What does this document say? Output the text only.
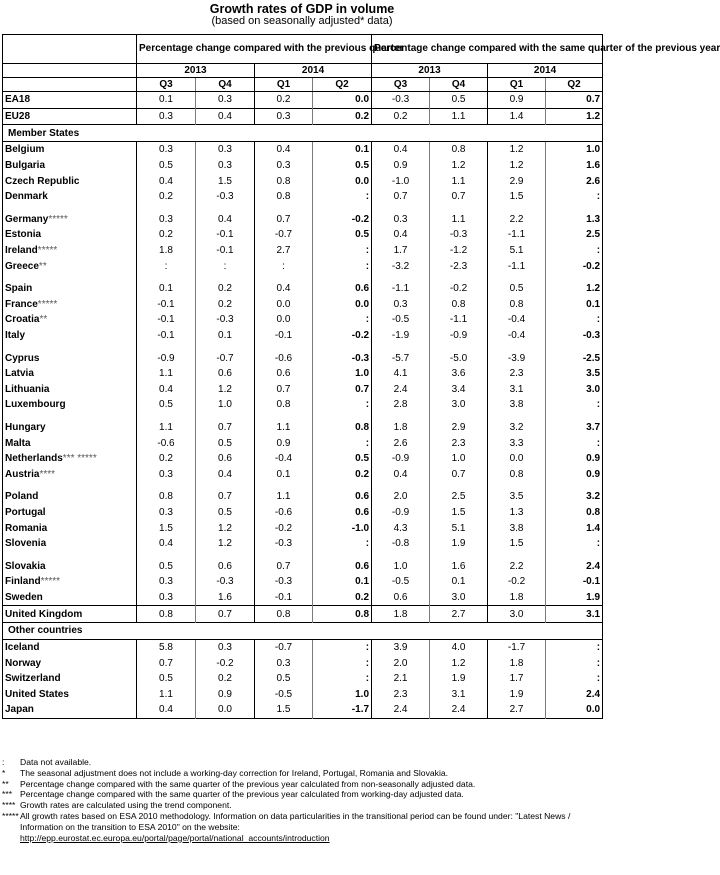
Growth rates of GDP in volume
(based on seasonally adjusted* data)
	Percentage change compared with the previous quarter				Percentage change compared with the same quarter of the previous year			
	2013		2014		2013		2014	
	Q3	Q4	Q1	Q2	Q3	Q4	Q1	Q2
EA18	0.1	0.3	0.2	0.0	-0.3	0.5	0.9	0.7
EU28	0.3	0.4	0.3	0.2	0.2	1.1	1.4	1.2
Member States								
Belgium	0.3	0.3	0.4	0.1	0.4	0.8	1.2	1.0
Bulgaria	0.5	0.3	0.3	0.5	0.9	1.2	1.2	1.6
Czech Republic	0.4	1.5	0.8	0.0	-1.0	1.1	2.9	2.6
Denmark	0.2	-0.3	0.8	:	0.7	0.7	1.5	:

Germany*****	0.3	0.4	0.7	-0.2	0.3	1.1	2.2	1.3
Estonia	0.2	-0.1	-0.7	0.5	0.4	-0.3	-1.1	2.5
Ireland*****	1.8	-0.1	2.7	:	1.7	-1.2	5.1	:
Greece**	:	:	:	:	-3.2	-2.3	-1.1	-0.2

Spain	0.1	0.2	0.4	0.6	-1.1	-0.2	0.5	1.2
France*****	-0.1	0.2	0.0	0.0	0.3	0.8	0.8	0.1
Croatia**	-0.1	-0.3	0.0	:	-0.5	-1.1	-0.4	:
Italy	-0.1	0.1	-0.1	-0.2	-1.9	-0.9	-0.4	-0.3

Cyprus	-0.9	-0.7	-0.6	-0.3	-5.7	-5.0	-3.9	-2.5
Latvia	1.1	0.6	0.6	1.0	4.1	3.6	2.3	3.5
Lithuania	0.4	1.2	0.7	0.7	2.4	3.4	3.1	3.0
Luxembourg	0.5	1.0	0.8	:	2.8	3.0	3.8	:

Hungary	1.1	0.7	1.1	0.8	1.8	2.9	3.2	3.7
Malta	-0.6	0.5	0.9	:	2.6	2.3	3.3	:
Netherlands*** *****	0.2	0.6	-0.4	0.5	-0.9	1.0	0.0	0.9
Austria****	0.3	0.4	0.1	0.2	0.4	0.7	0.8	0.9

Poland	0.8	0.7	1.1	0.6	2.0	2.5	3.5	3.2
Portugal	0.3	0.5	-0.6	0.6	-0.9	1.5	1.3	0.8
Romania	1.5	1.2	-0.2	-1.0	4.3	5.1	3.8	1.4
Slovenia	0.4	1.2	-0.3	:	-0.8	1.9	1.5	:

Slovakia	0.5	0.6	0.7	0.6	1.0	1.6	2.2	2.4
Finland*****	0.3	-0.3	-0.3	0.1	-0.5	0.1	-0.2	-0.1
Sweden	0.3	1.6	-0.1	0.2	0.6	3.0	1.8	1.9
United Kingdom	0.8	0.7	0.8	0.8	1.8	2.7	3.0	3.1
Other countries								
Iceland	5.8	0.3	-0.7	:	3.9	4.0	-1.7	:
Norway	0.7	-0.2	0.3	:	2.0	1.2	1.8	:
Switzerland	0.5	0.2	0.5	:	2.1	1.9	1.7	:
United States	1.1	0.9	-0.5	1.0	2.3	3.1	1.9	2.4
Japan	0.4	0.0	1.5	-1.7	2.4	2.4	2.7	0.0
:	Data not available.
*	The seasonal adjustment does not include a working-day correction for Ireland, Portugal, Romania and Slovakia.
**	Percentage change compared with the same quarter of the previous year calculated from non-seasonally adjusted data.
*** Percentage change compared with the same quarter of the previous year calculated from working-day adjusted data.
**** Growth rates are calculated using the trend component.
***** All growth rates based on ESA 2010 methodology. Information on data particularities in the transitional period can be found under: "Latest News / Information on the transition to ESA 2010" on the website:
http://epp.eurostat.ec.europa.eu/portal/page/portal/national_accounts/introduction
